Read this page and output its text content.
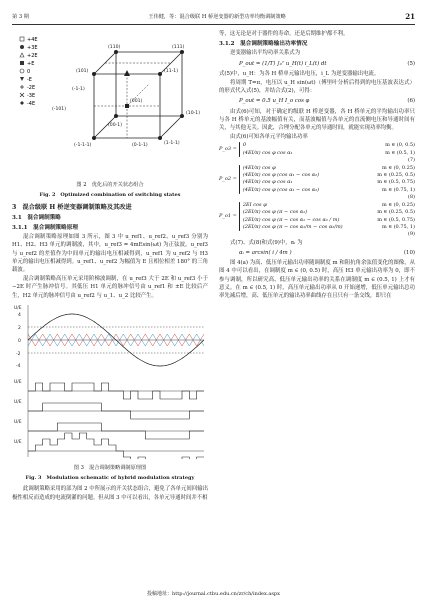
第 3 期	王伟健，等：混合级联 H 桥逆变器的新型功率均衡调制策略	21
+4E
+3E
+2E
+E
0
-E
-2E
-3E
-4E
(110)	(111)
(11-1)
(1-1-1)
(101)
(-101)
(-1-1-1)	(0-1-1)
(001)
(10-1)
(00-1)
(-1-1)
图 2　优化后的开关状态组合
Fig. 2　Optimized combination of switching states
3　混合级联 H 桥逆变器调制策略及其改进
3.1　混合调制策略
3.1.1　混合调制策略原理

混合调制策略原理如图 3 所示，图 3 中 u_ref1、u_ref2、u_ref3 分别为 H1、H2、H3 单元的调制波，其中，u_ref3 = 4mEsin(ωt) 为正弦波。u_ref3 与 u_ref2 的差值作为中间单元的输出电压相减得到，u_ref1 为 u_ref2 与 H3 单元的输出电压相减得到。u_ref1、u_ref2 为幅值为 E 且相位相差 180° 的三角载波。

混合调制策略高压单元采用阶梯波调制，在 u_ref3 大于 2E 和 u_ref3 小于 −2E 时产生脉冲信号。其低压 H1 单元的脉冲信号由 u_ref1 和 ±E 比较后产生，H2 单元的脉冲信号由 u_ref2 与 u_1、u_2 比较产生。

U/E
4
2
0
-2
-4
U/E
U/E
U/E
U/E
图 3　混合调制策略调制原理图
Fig. 3　Modulation schematic of hybrid modulation strategy

此调制策略采用的部为图 2 中所展示的开关状态组合，避免了各单元间回输出极性相反而造成的电流倒灌的问题。但从图 3 中可以看出，各单元导通时间并不相

等，这无论是对于器件的寿命，还是后期维护都不利。

3.1.2　混合调制策略输出功率情况

逆变器输出平均功率关系式为

P_out = (1/T) ∫₀ᵀ u_H(t) i_L(t) dt	(5)

式(5)中，u_H：为各 H 桥单元输出电压，i_L 为逆变器输出电流。

将周期 T=π，电压以 u_H sin(ωt)（傅里叶分析后得到的电压基波表达式）的形式代入式(5)，并结合式(2)，可得：

P_out = 0.5 u_H I_o cos φ	(6)

由式(6)可知，对于确定的级联 H 桥逆变器，各 H 桥单元的平均输出功率只与各 H 桥单元的基波幅值有关，而基波幅值与各单元的直流侧电压和导通时间有关，与其他无关。因此，合理分配各单元的导通时间，就能实现功率均衡。

由式(6)可知各单元平均输出功率

P_o3 =
0	m ∈ (0, 0.5)
(4EI/π) cos φ cos α₁	m ∈ (0.5, 1)
(7)
P_o2 =
(4EI/π) cos φ	m ∈ (0, 0.25)
(4EI/π) cos φ (cos α₁ − cos α₂)	m ∈ (0.25, 0.5)
(4EI/π) cos φ cos α₁	m ∈ (0.5, 0.75)
(4EI/π) cos φ (cos α₁ − cos α₂)	m ∈ (0.75, 1)
(8)
P_o1 =
2EI cos φ	m ∈ (0, 0.25)
(2EI/π) cos φ (π − cos α₁)	m ∈ (0.25, 0.5)
(2EI/π) cos φ (π − cos α₁ − cos α₂ / m)	m ∈ (0.5, 0.75)
(2EI/π) cos φ (π − cos α₁/m − cos α₂/m)	m ∈ (0.75, 1)
(9)

式(7)、式(8)和式(9)中，αᵢ 为

αᵢ = arcsin( i / 4m )	(10)

图 4(a) 为高、低压单元输出功率随调制度 m 和阻抗角余弦值变化的图像，从图 4 中可以看出，在调制度 m ∈ (0, 0.5) 时，高压 H3 单元输出功率为 0，即不参与调制，所以研究高、低压单元输出功率的关系在调制度 m ∈ (0.5, 1) 上才有意义。在 m ∈ (0.5, 1) 时，高压单元输出功率从 0 开始递增，低压单元输出总功率先减后增，高、低压单元的输出功率曲线存在且只有一条交线，即只在

投稿地址：http://journal.ctbu.edu.cn/zr/ch/index.aspx
